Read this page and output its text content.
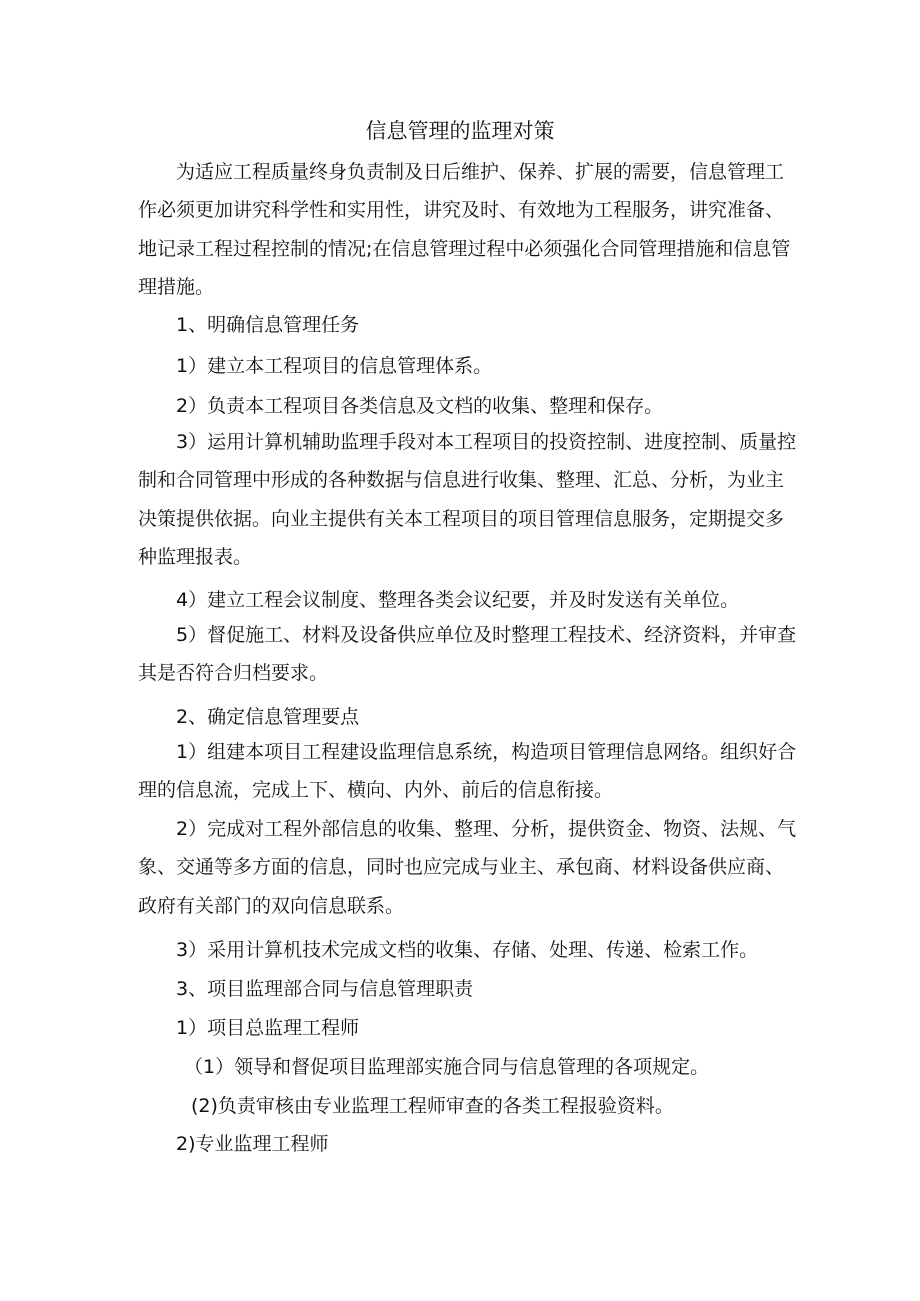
信息管理的监理对策

为适应工程质量终身负责制及日后维护、保养、扩展的需要，信息管理工作必须更加讲究科学性和实用性，讲究及时、有效地为工程服务，讲究准备、地记录工程过程控制的情况;在信息管理过程中必须强化合同管理措施和信息管理措施。

1、明确信息管理任务
1）建立本工程项目的信息管理体系。
2）负责本工程项目各类信息及文档的收集、整理和保存。

3）运用计算机辅助监理手段对本工程项目的投资控制、进度控制、质量控制和合同管理中形成的各种数据与信息进行收集、整理、汇总、分析，为业主决策提供依据。向业主提供有关本工程项目的项目管理信息服务，定期提交多种监理报表。

4）建立工程会议制度、整理各类会议纪要，并及时发送有关单位。

5）督促施工、材料及设备供应单位及时整理工程技术、经济资料，并审查其是否符合归档要求。

2、确定信息管理要点

1）组建本项目工程建设监理信息系统，构造项目管理信息网络。组织好合理的信息流，完成上下、横向、内外、前后的信息衔接。

2）完成对工程外部信息的收集、整理、分析，提供资金、物资、法规、气象、交通等多方面的信息，同时也应完成与业主、承包商、材料设备供应商、政府有关部门的双向信息联系。

3）采用计算机技术完成文档的收集、存储、处理、传递、检索工作。
3、项目监理部合同与信息管理职责
1）项目总监理工程师
（1）领导和督促项目监理部实施合同与信息管理的各项规定。
(2)负责审核由专业监理工程师审查的各类工程报验资料。
2)专业监理工程师
